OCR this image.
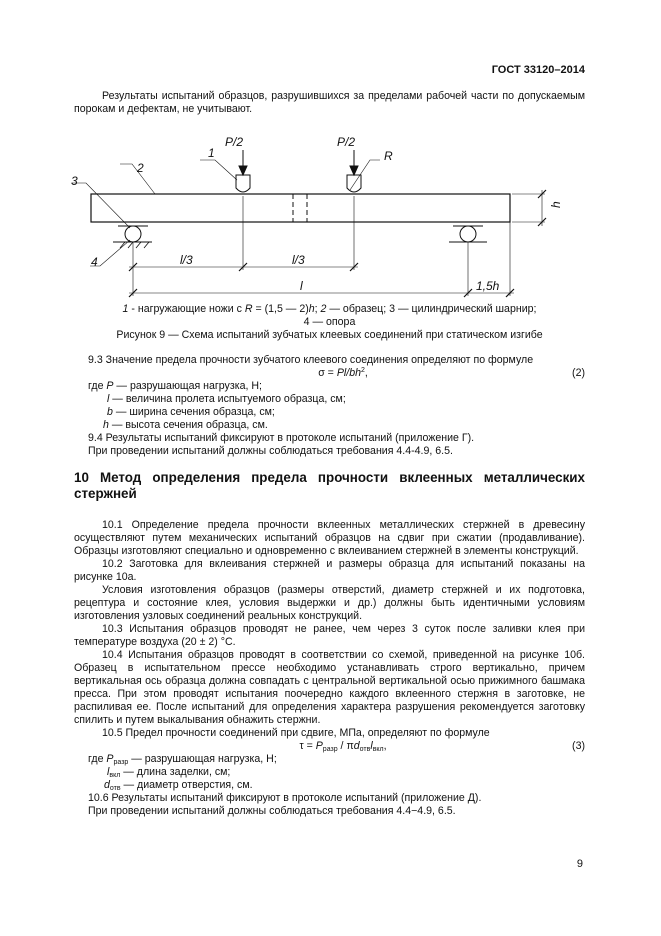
ГОСТ 33120–2014
Результаты испытаний образцов, разрушившихся за пределами рабочей части по допускаемым порокам и дефектам, не учитывают.
P/2	P/2
1
2
3
4
R
h
l/3	l/3
l	1,5h
1 - нагружающие ножи с R = (1,5 — 2)h; 2 — образец; 3 — цилиндрический шарнир;
4 — опора
Рисунок 9 — Схема испытаний зубчатых клеевых соединений при статическом изгибе
9.3 Значение предела прочности зубчатого клеевого соединения определяют по формуле
$\sigma = Pl/bh^2$,	(2)
где P — разрушающая нагрузка, Н;
l — величина пролета испытуемого образца, см;
b — ширина сечения образца, см;
h — высота сечения образца, см.
9.4 Результаты испытаний фиксируют в протоколе испытаний (приложение Г).
При проведении испытаний должны соблюдаться требования 4.4-4.9, 6.5.
10 Метод определения предела прочности вклеенных металлических стержней
10.1 Определение предела прочности вклеенных металлических стержней в древесину осуществляют путем механических испытаний образцов на сдвиг при сжатии (продавливание). Образцы изготовляют специально и одновременно с вклеиванием стержней в элементы конструкций.
10.2 Заготовка для вклеивания стержней и размеры образца для испытаний показаны на рисунке 10а.
Условия изготовления образцов (размеры отверстий, диаметр стержней и их подготовка, рецептура и состояние клея, условия выдержки и др.) должны быть идентичными условиям изготовления узловых соединений реальных конструкций.
10.3 Испытания образцов проводят не ранее, чем через 3 суток после заливки клея при температуре воздуха (20 ± 2) °С.
10.4 Испытания образцов проводят в соответствии со схемой, приведенной на рисунке 10б. Образец в испытательном прессе необходимо устанавливать строго вертикально, причем вертикальная ось образца должна совпадать с центральной вертикальной осью прижимного башмака пресса. При этом проводят испытания поочередно каждого вклеенного стержня в заготовке, не распиливая ее. После испытаний для определения характера разрушения рекомендуется заготовку спилить и путем выкалывания обнажить стержни.
10.5 Предел прочности соединений при сдвиге, МПа, определяют по формуле
$\tau = P_{разр} / \pi d_{отв}l_{вкл}$,	(3)
где $P_{разр}$ — разрушающая нагрузка, Н;
$l_{вкл}$ — длина заделки, см;
$d_{отв}$ — диаметр отверстия, см.
10.6 Результаты испытаний фиксируют в протоколе испытаний (приложение Д).
При проведении испытаний должны соблюдаться требования 4.4−4.9, 6.5.
9
